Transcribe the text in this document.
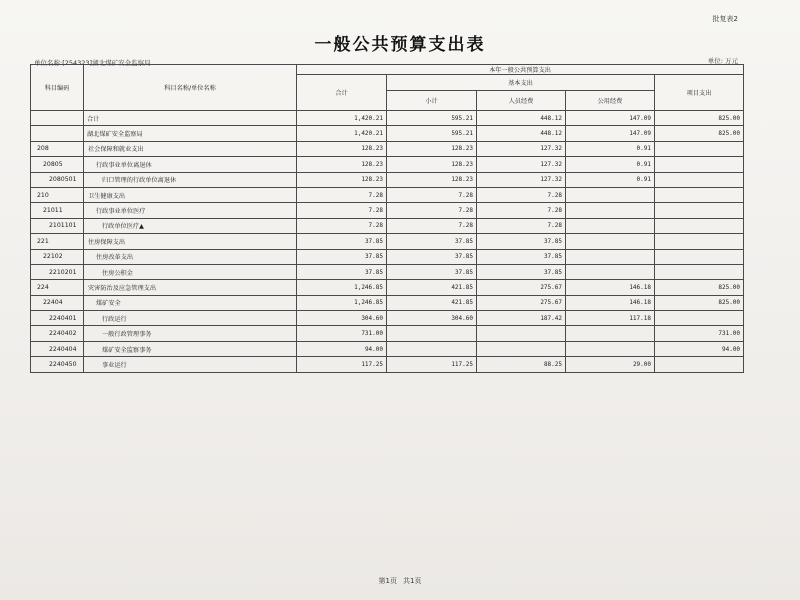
批复表2
一般公共预算支出表
单位名称:[254323]湖北煤矿安全监察局	单位: 万元
科目编码	科目名称/单位名称	本年一般公共预算支出				
		合计	基本支出			项目支出
			小计	人员经费	公用经费	
	合计	1,420.21	595.21	448.12	147.09	825.00
	湖北煤矿安全监察局	1,420.21	595.21	448.12	147.09	825.00
208	社会保障和就业支出	128.23	128.23	127.32	0.91	
20805	行政事业单位离退休	128.23	128.23	127.32	0.91	
2080501	归口管理的行政单位离退休	128.23	128.23	127.32	0.91	
210	卫生健康支出	7.28	7.28	7.28		
21011	行政事业单位医疗	7.28	7.28	7.28		
2101101	行政单位医疗▲	7.28	7.28	7.28		
221	住房保障支出	37.85	37.85	37.85		
22102	住房改革支出	37.85	37.85	37.85		
2210201	住房公积金	37.85	37.85	37.85		
224	灾害防治及应急管理支出	1,246.85	421.85	275.67	146.18	825.00
22404	煤矿安全	1,246.85	421.85	275.67	146.18	825.00
2240401	行政运行	304.60	304.60	187.42	117.18	
2240402	一般行政管理事务	731.00				731.00
2240404	煤矿安全监察事务	94.00				94.00
2240450	事业运行	117.25	117.25	88.25	29.00	
第1页 共1页
